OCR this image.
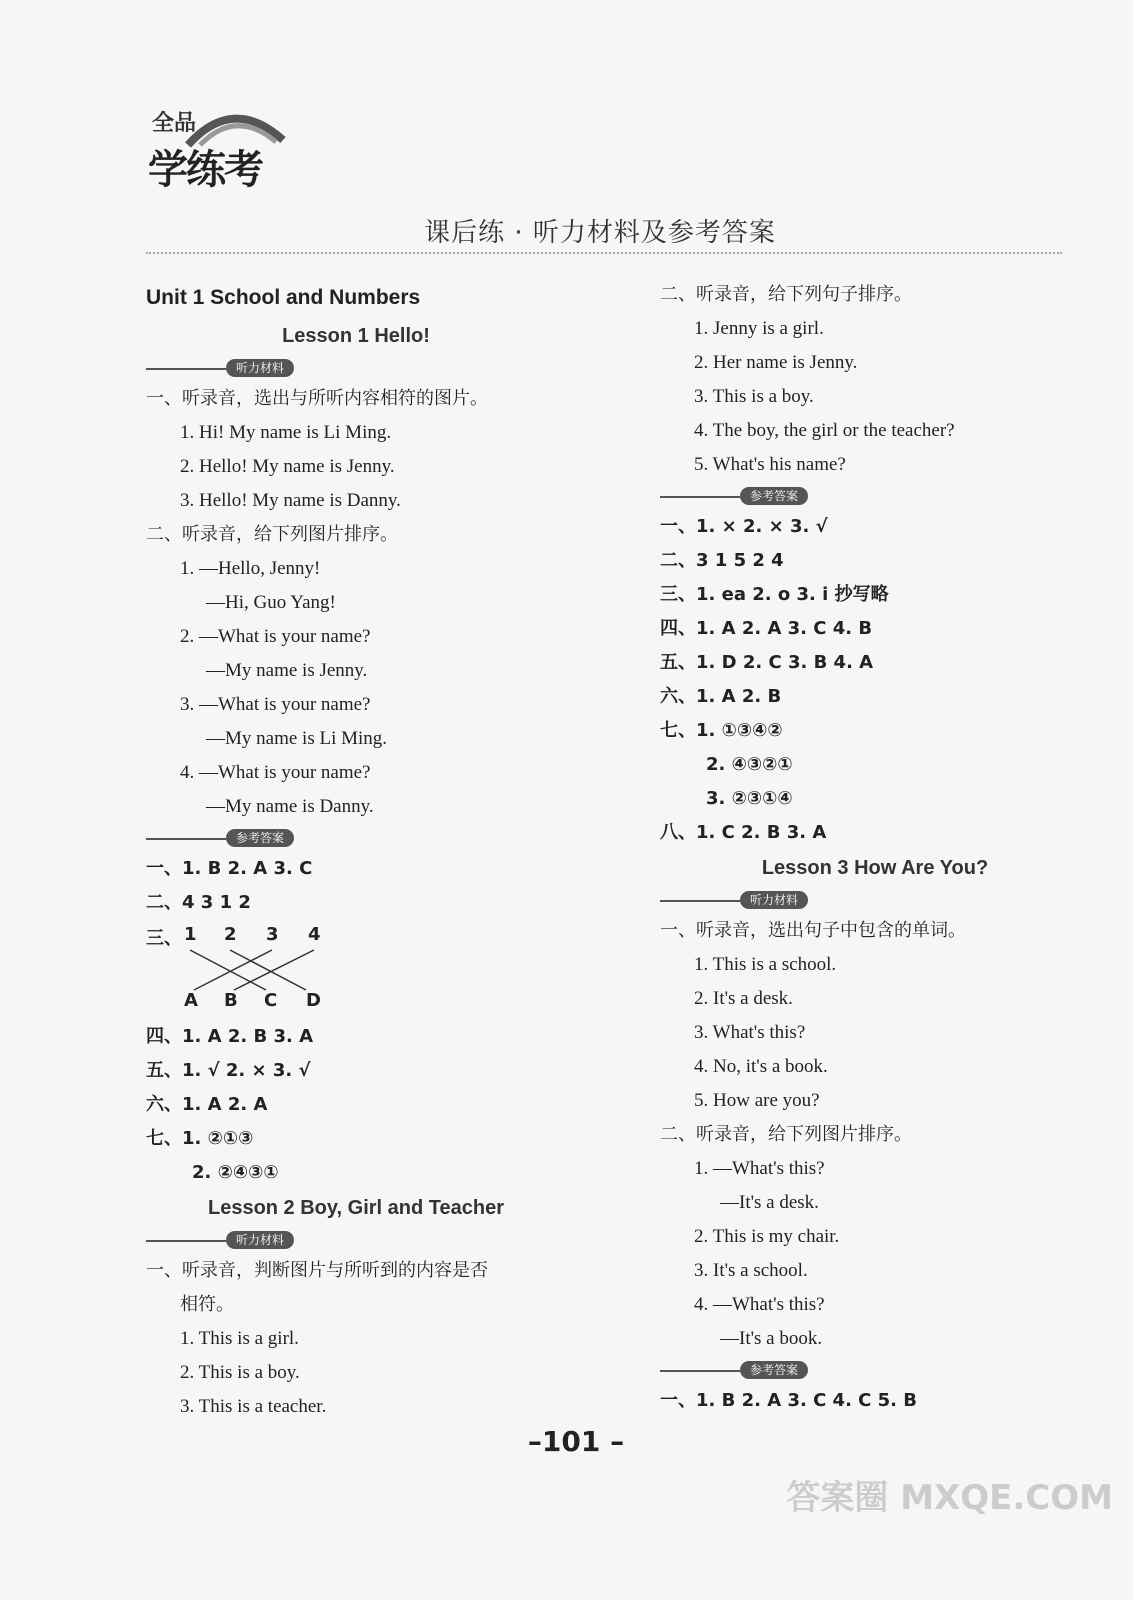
全品
学练考
课后练 · 听力材料及参考答案
Unit 1 School and Numbers
Lesson 1 Hello!
听力材料
一、听录音，选出与所听内容相符的图片。
1. Hi! My name is Li Ming.
2. Hello! My name is Jenny.
3. Hello! My name is Danny.
二、听录音，给下列图片排序。
1. —Hello, Jenny!
—Hi, Guo Yang!
2. —What is your name?
—My name is Jenny.
3. —What is your name?
—My name is Li Ming.
4. —What is your name?
—My name is Danny.
参考答案
一、1. B 2. A 3. C
二、4 3 1 2
三、 1 2 3 4
A B C D
四、1. A 2. B 3. A
五、1. √ 2. × 3. √
六、1. A 2. A
七、1. ②①③
2. ②④③①
Lesson 2 Boy, Girl and Teacher
听力材料
一、听录音，判断图片与所听到的内容是否
相符。
1. This is a girl.
2. This is a boy.
3. This is a teacher.
二、听录音，给下列句子排序。
1. Jenny is a girl.
2. Her name is Jenny.
3. This is a boy.
4. The boy, the girl or the teacher?
5. What's his name?
参考答案
一、1. × 2. × 3. √
二、3 1 5 2 4
三、1. ea 2. o 3. i 抄写略
四、1. A 2. A 3. C 4. B
五、1. D 2. C 3. B 4. A
六、1. A 2. B
七、1. ①③④②
2. ④③②①
3. ②③①④
八、1. C 2. B 3. A
Lesson 3 How Are You?
听力材料
一、听录音，选出句子中包含的单词。
1. This is a school.
2. It's a desk.
3. What's this?
4. No, it's a book.
5. How are you?
二、听录音，给下列图片排序。
1. —What's this?
—It's a desk.
2. This is my chair.
3. It's a school.
4. —What's this?
—It's a book.
参考答案
一、1. B 2. A 3. C 4. C 5. B
–101 –
答案圈 MXQE.COM
